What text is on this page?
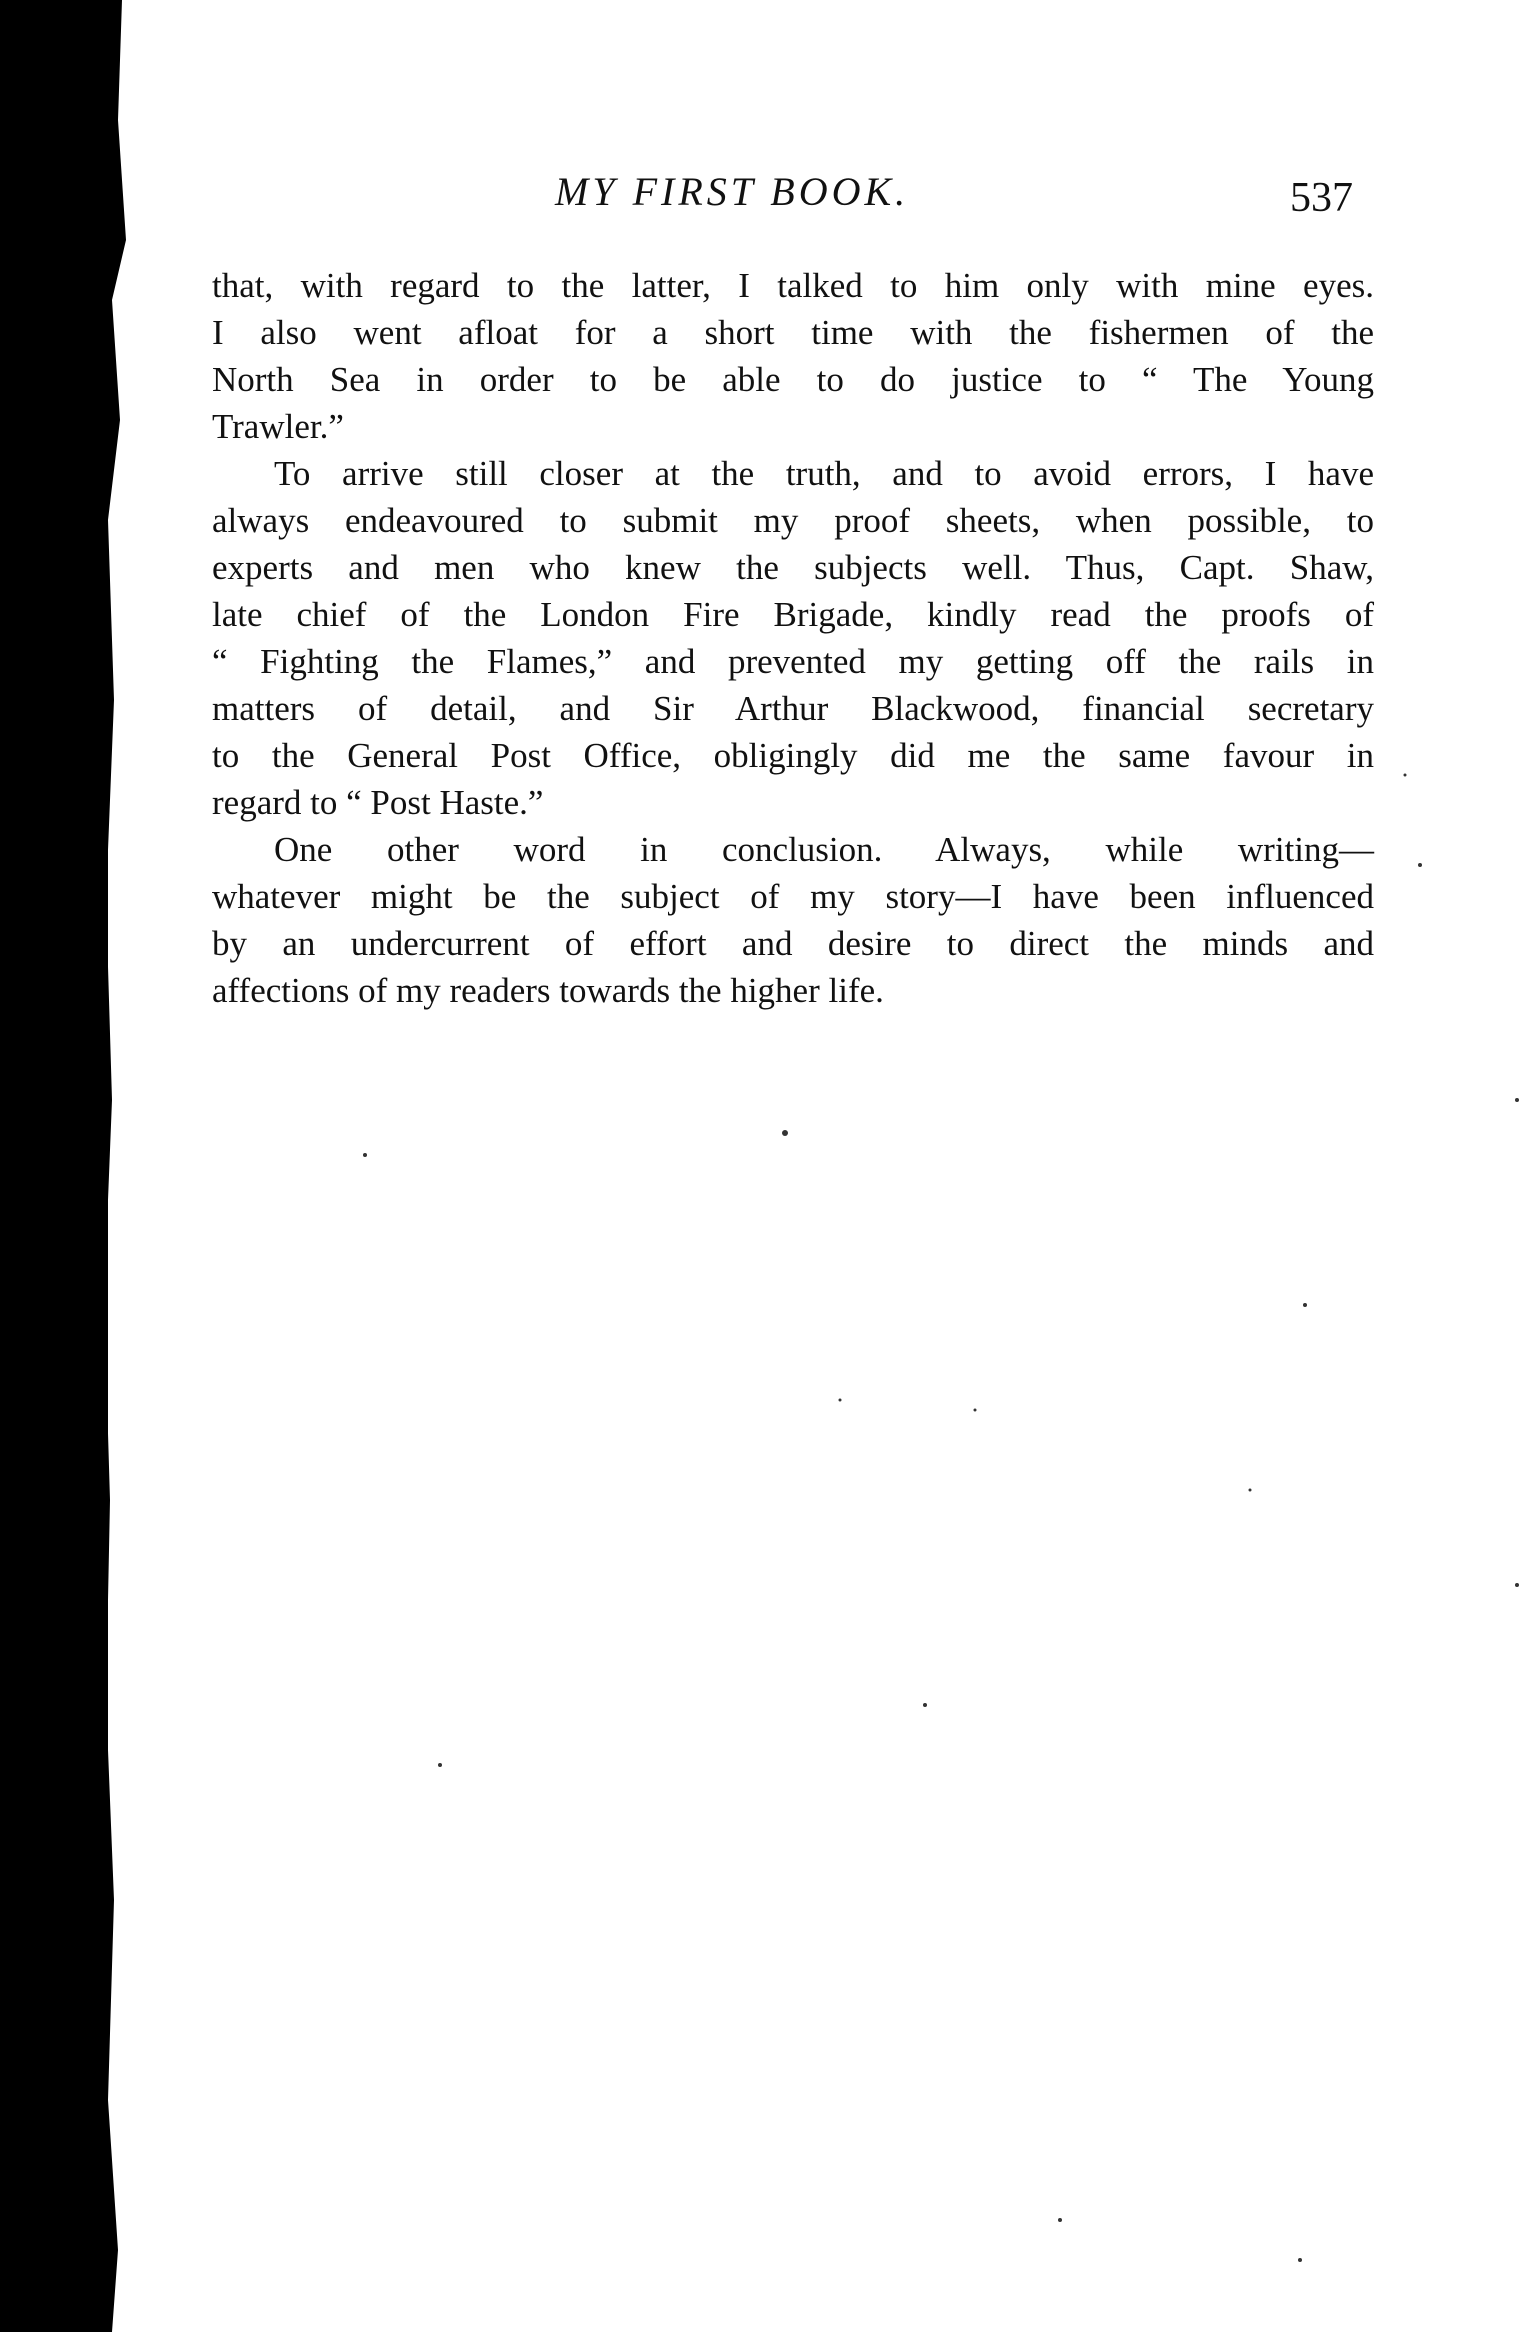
MY FIRST BOOK.	537
that, with regard to the latter, I talked to him only with mine eyes.
I also went afloat for a short time with the fishermen of the
North Sea in order to be able to do justice to “ The Young
Trawler.”
To arrive still closer at the truth, and to avoid errors, I have
always endeavoured to submit my proof sheets, when possible, to
experts and men who knew the subjects well. Thus, Capt. Shaw,
late chief of the London Fire Brigade, kindly read the proofs of
“ Fighting the Flames,” and prevented my getting off the rails in
matters of detail, and Sir Arthur Blackwood, financial secretary
to the General Post Office, obligingly did me the same favour in
regard to “ Post Haste.”
One other word in conclusion. Always, while writing—
whatever might be the subject of my story—I have been influenced
by an undercurrent of effort and desire to direct the minds and
affections of my readers towards the higher life.
